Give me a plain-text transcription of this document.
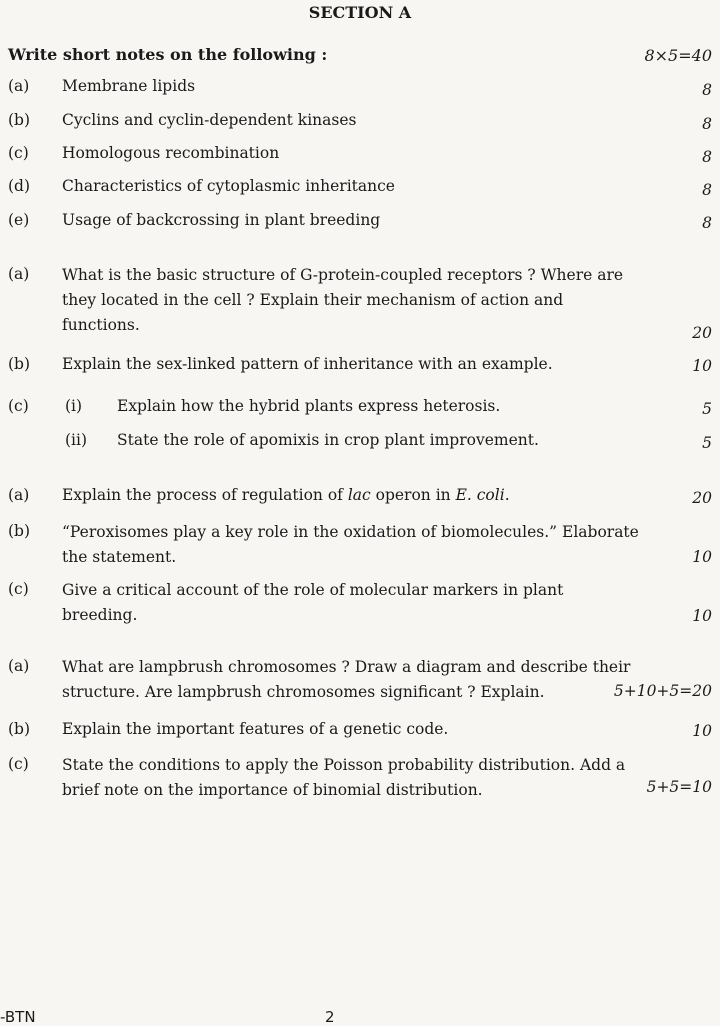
SECTION A
Write short notes on the following :	8×5=40
(a) Membrane lipids	8
(b) Cyclins and cyclin-dependent kinases	8
(c) Homologous recombination	8
(d) Characteristics of cytoplasmic inheritance	8
(e) Usage of backcrossing in plant breeding	8
(a) What is the basic structure of G-protein-coupled receptors ? Where are
they located in the cell ? Explain their mechanism of action and
functions.	20
(b) Explain the sex-linked pattern of inheritance with an example.	10
(c) (i) Explain how the hybrid plants express heterosis.	5
(ii) State the role of apomixis in crop plant improvement.	5
(a) Explain the process of regulation of lac operon in E. coli.	20
(b) “Peroxisomes play a key role in the oxidation of biomolecules.” Elaborate
the statement.	10
(c) Give a critical account of the role of molecular markers in plant
breeding.	10
(a) What are lampbrush chromosomes ? Draw a diagram and describe their
structure. Are lampbrush chromosomes significant ? Explain.	5+10+5=20
(b) Explain the important features of a genetic code.	10
(c) State the conditions to apply the Poisson probability distribution. Add a
brief note on the importance of binomial distribution.	5+5=10
-BTN	2
